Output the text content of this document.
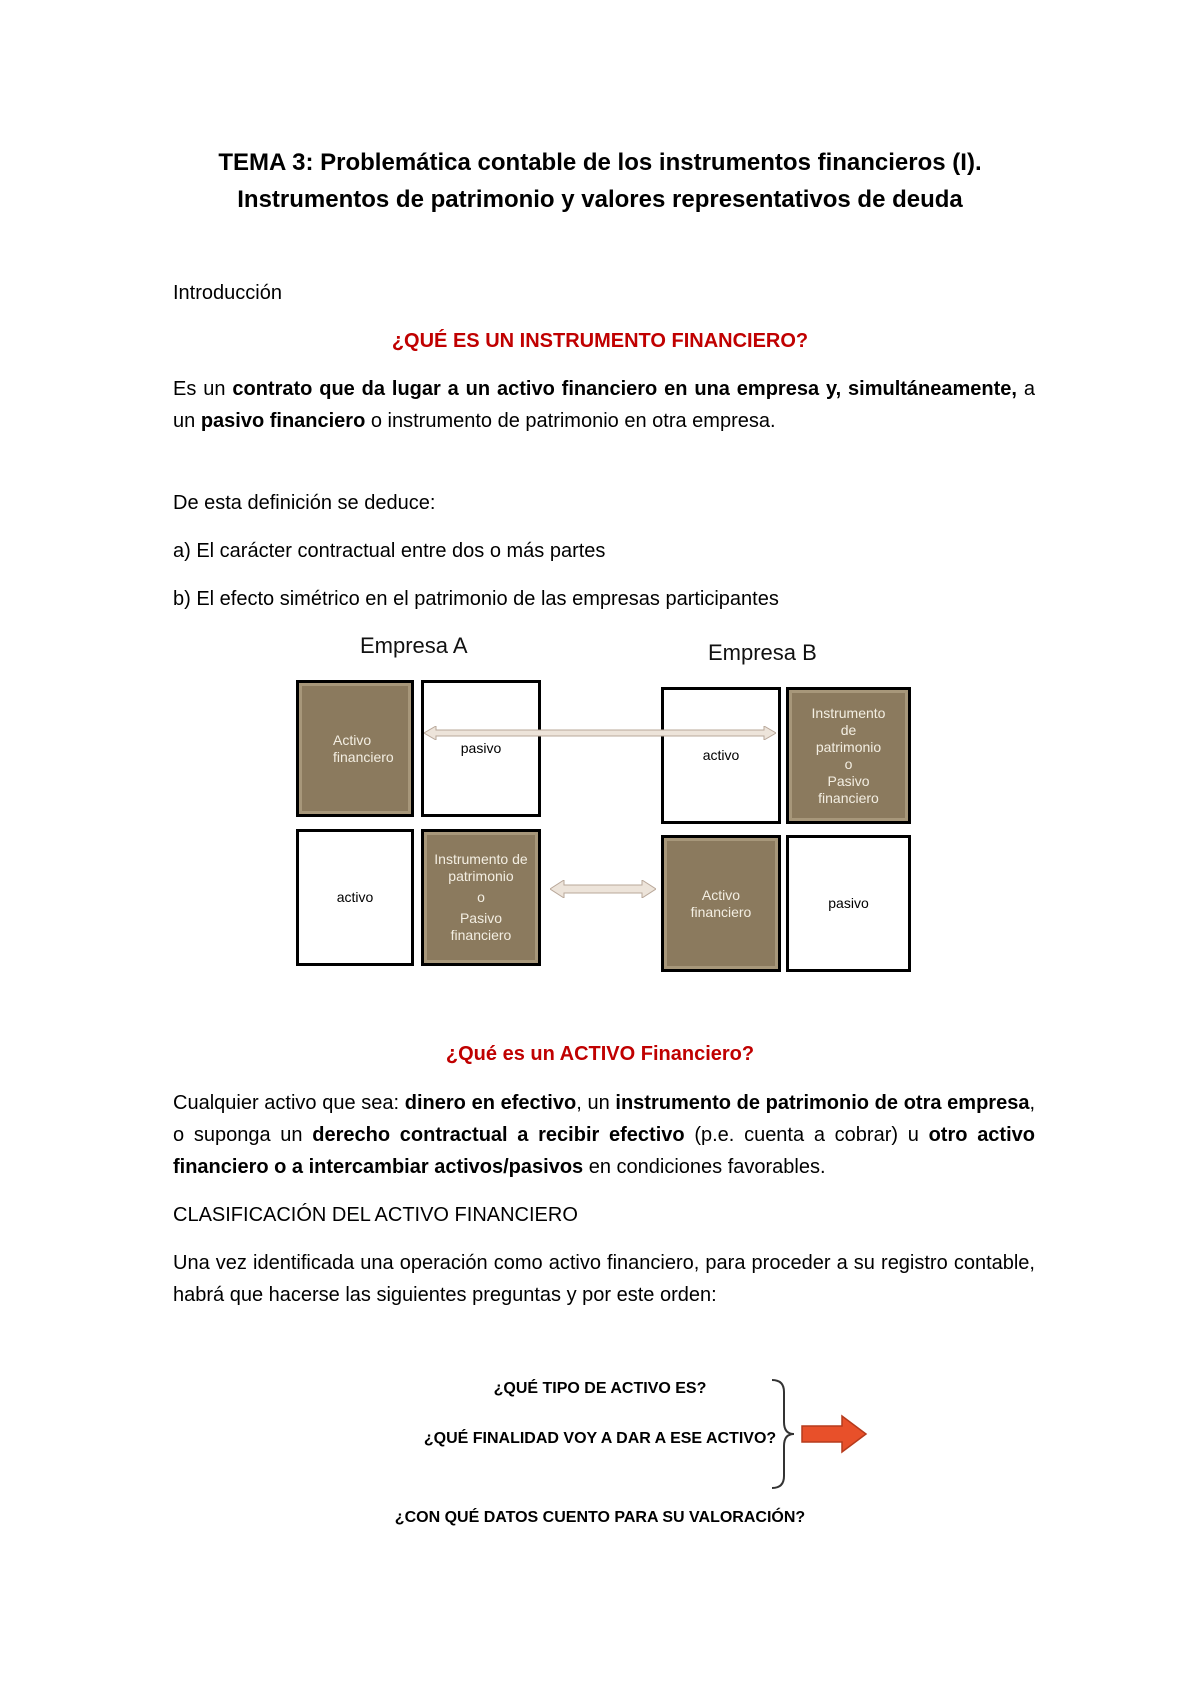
TEMA 3: Problemática contable de los instrumentos financieros (I).
Instrumentos de patrimonio y valores representativos de deuda
Introducción
¿QUÉ ES UN INSTRUMENTO FINANCIERO?
Es un contrato que da lugar a un activo financiero en una empresa y, simultáneamente, a un pasivo financiero o instrumento de patrimonio en otra empresa.
De esta definición se deduce:
a) El carácter contractual entre dos o más partes
b) El efecto simétrico en el patrimonio de las empresas participantes
Empresa A	Empresa B
Activo
financiero
pasivo
activo
Instrumento de
patrimonio
o
Pasivo
financiero
activo
Instrumento
de
patrimonio
o
Pasivo
financiero
Activo
financiero
pasivo
¿Qué es un ACTIVO Financiero?
Cualquier activo que sea: dinero en efectivo, un instrumento de patrimonio de otra empresa, o suponga un derecho contractual a recibir efectivo (p.e. cuenta a cobrar) u otro activo financiero o a intercambiar activos/pasivos en condiciones favorables.
CLASIFICACIÓN DEL ACTIVO FINANCIERO
Una vez identificada una operación como activo financiero, para proceder a su registro contable, habrá que hacerse las siguientes preguntas y por este orden:
¿QUÉ TIPO DE ACTIVO ES?
¿QUÉ FINALIDAD VOY A DAR A ESE ACTIVO?
¿CON QUÉ DATOS CUENTO PARA SU VALORACIÓN?
